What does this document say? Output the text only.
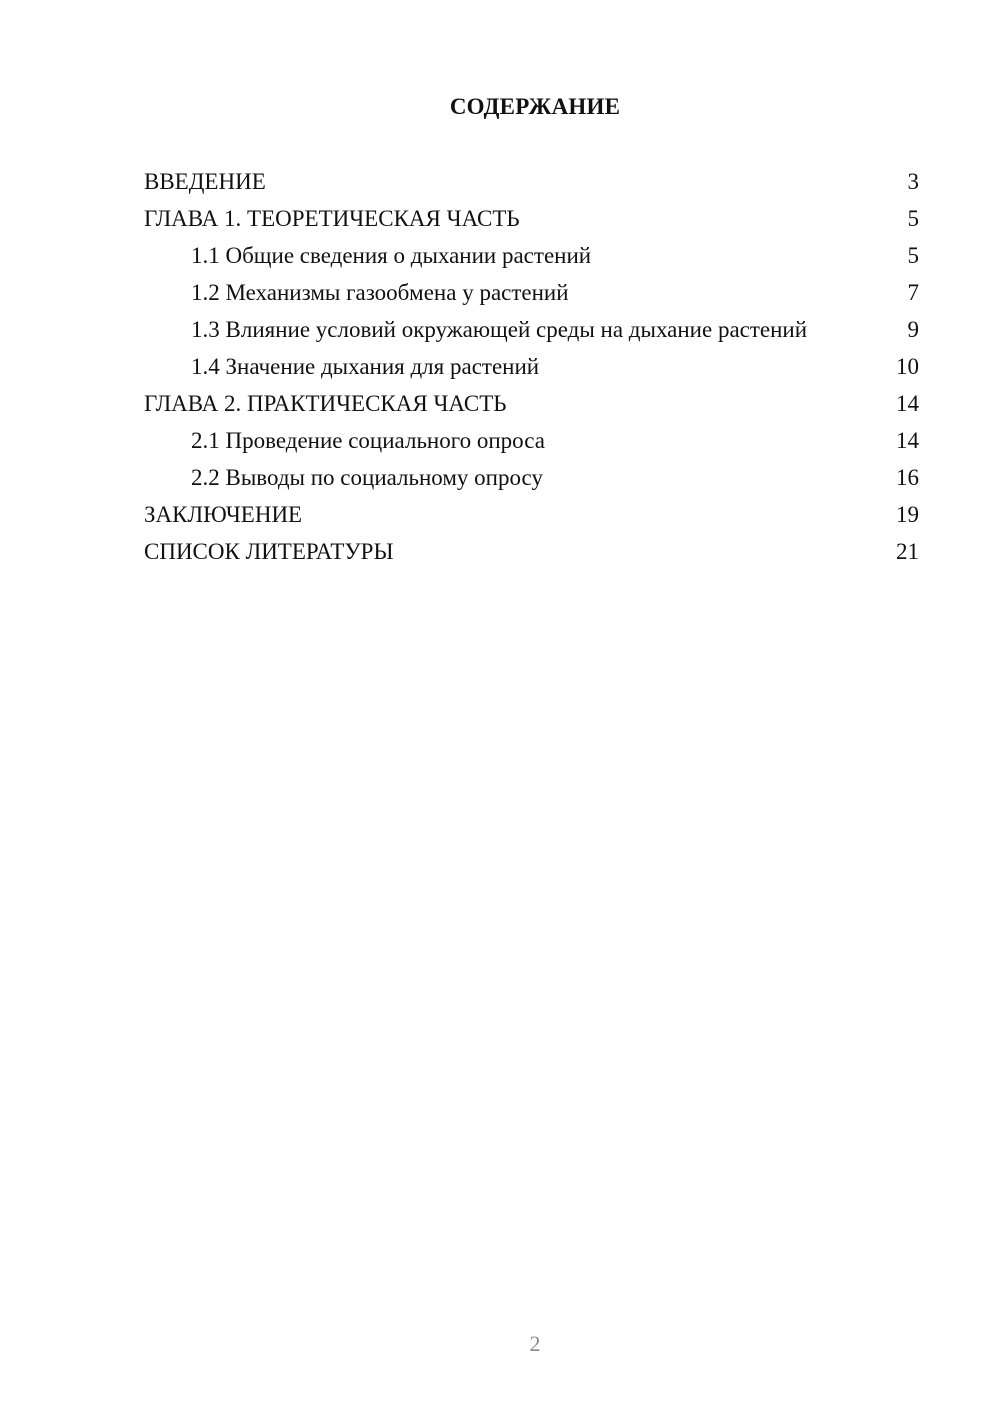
СОДЕРЖАНИЕ
ВВЕДЕНИЕ	3
ГЛАВА 1. ТЕОРЕТИЧЕСКАЯ ЧАСТЬ	5
1.1 Общие сведения о дыхании растений	5
1.2 Механизмы газообмена у растений	7
1.3 Влияние условий окружающей среды на дыхание растений	9
1.4 Значение дыхания для растений	10
ГЛАВА 2. ПРАКТИЧЕСКАЯ ЧАСТЬ	14
2.1 Проведение социального опроса	14
2.2 Выводы по социальному опросу	16
ЗАКЛЮЧЕНИЕ	19
СПИСОК ЛИТЕРАТУРЫ	21
2
